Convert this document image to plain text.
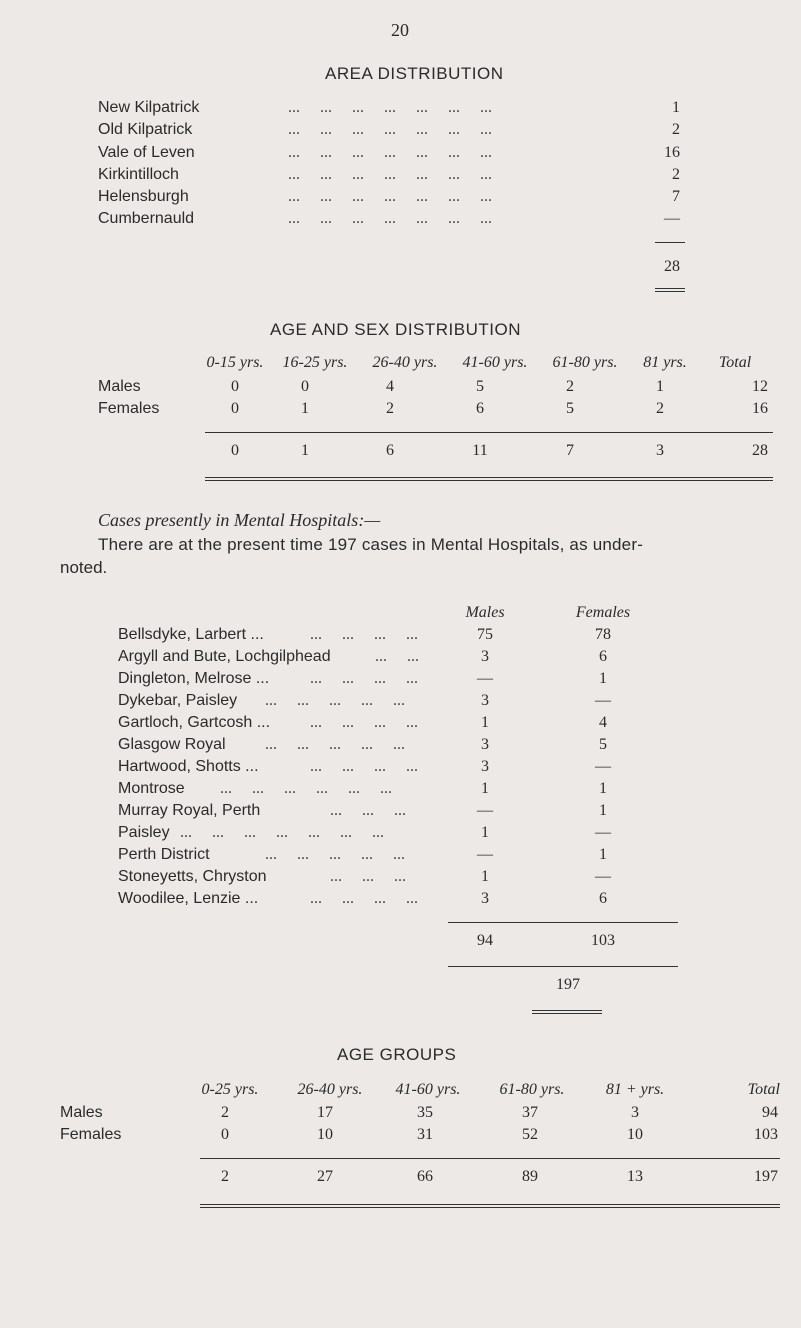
20
AREA DISTRIBUTION
New Kilpatrick	...     ...     ...     ...     ...     ...     ...	1
Old Kilpatrick	...     ...     ...     ...     ...     ...     ...	2
Vale of Leven	...     ...     ...     ...     ...     ...     ...	16
Kirkintilloch	...     ...     ...     ...     ...     ...     ...	2
Helensburgh	...     ...     ...     ...     ...     ...     ...	7
Cumbernauld	...     ...     ...     ...     ...     ...     ...	—
28
AGE AND SEX DISTRIBUTION
0-15 yrs.	16-25 yrs.	26-40 yrs.	41-60 yrs.	61-80 yrs.	81 yrs.	Total
Males	0	0	4	5	2	1	12
Females	0	1	2	6	5	2	16
0	1	6	11	7	3	28
Cases presently in Mental Hospitals:—
There are at the present time 197 cases in Mental Hospitals, as under-
noted.
Males	Females
Bellsdyke, Larbert ...	...     ...     ...     ...	75	78
Argyll and Bute, Lochgilphead	...     ...	3	6
Dingleton, Melrose ...	...     ...     ...     ...	—	1
Dykebar, Paisley ...     ...     ...     ...     ...	3	—
Gartloch, Gartcosh ... ...     ...     ...     ...	1	4
Glasgow Royal ...     ...     ...     ...     ...	3	5
Hartwood, Shotts ...	...     ...     ...     ...	3	—
Montrose ...     ...     ...     ...     ...     ...	1	1
Murray Royal, Perth	...     ...     ...	—	1
Paisley ...     ...     ...     ...     ...     ...     ...	1	—
Perth District	...     ...     ...     ...     ...	—	1
Stoneyetts, Chryston	...     ...     ...	1	—
Woodilee, Lenzie ...	...     ...     ...     ...	3	6
94	103
197
AGE GROUPS
0-25 yrs.	26-40 yrs.	41-60 yrs.	61-80 yrs.	81 + yrs.	Total
Males	2	17	35	37	3	94
Females	0	10	31	52	10	103
2	27	66	89	13	197
